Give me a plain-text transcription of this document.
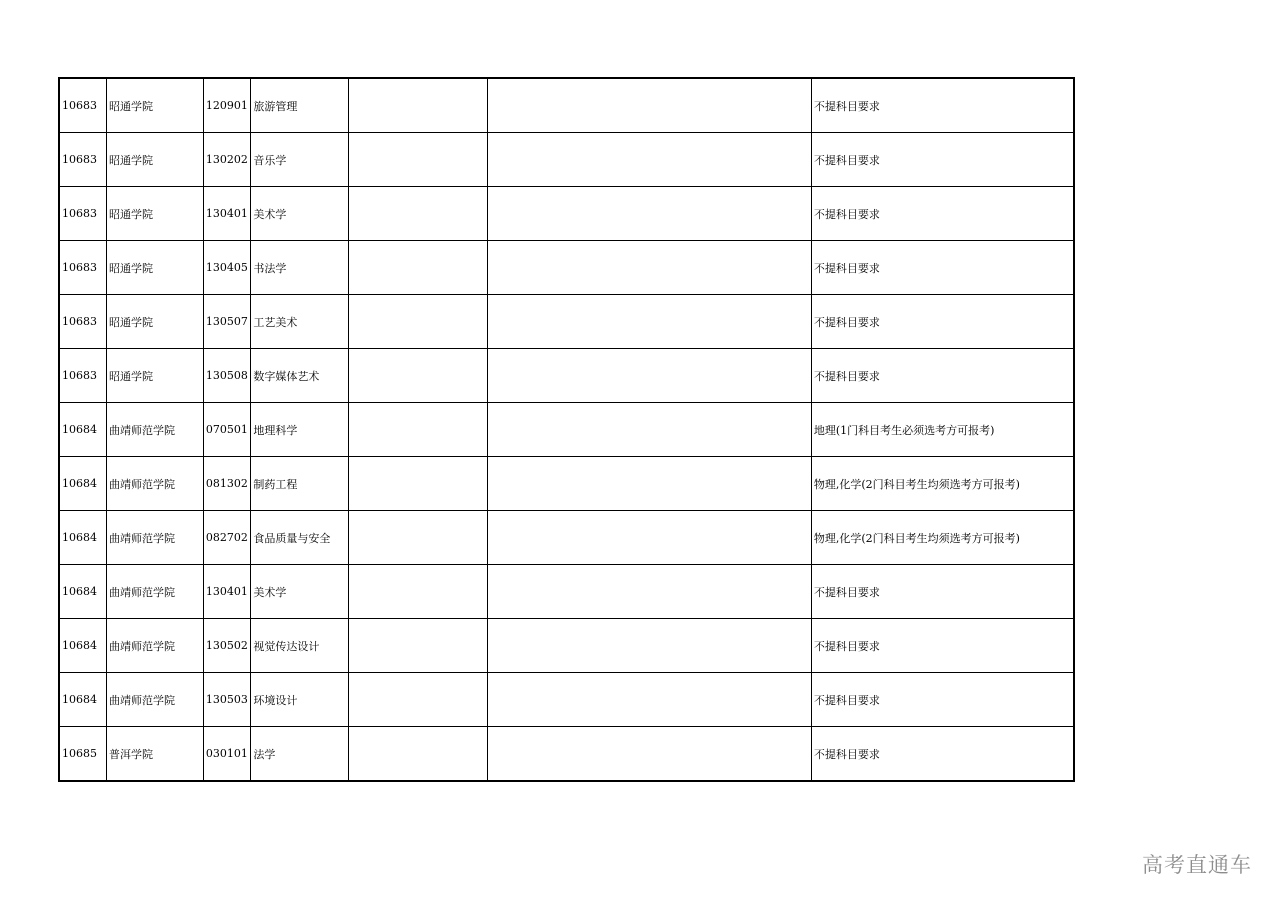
10683	昭通学院	120901	旅游管理			不提科目要求
10683	昭通学院	130202	音乐学			不提科目要求
10683	昭通学院	130401	美术学			不提科目要求
10683	昭通学院	130405	书法学			不提科目要求
10683	昭通学院	130507	工艺美术			不提科目要求
10683	昭通学院	130508	数字媒体艺术			不提科目要求
10684	曲靖师范学院	070501	地理科学			地理(1门科目考生必须选考方可报考)
10684	曲靖师范学院	081302	制药工程			物理,化学(2门科目考生均须选考方可报考)
10684	曲靖师范学院	082702	食品质量与安全			物理,化学(2门科目考生均须选考方可报考)
10684	曲靖师范学院	130401	美术学			不提科目要求
10684	曲靖师范学院	130502	视觉传达设计			不提科目要求
10684	曲靖师范学院	130503	环境设计			不提科目要求
10685	普洱学院	030101	法学			不提科目要求
高考直通车
